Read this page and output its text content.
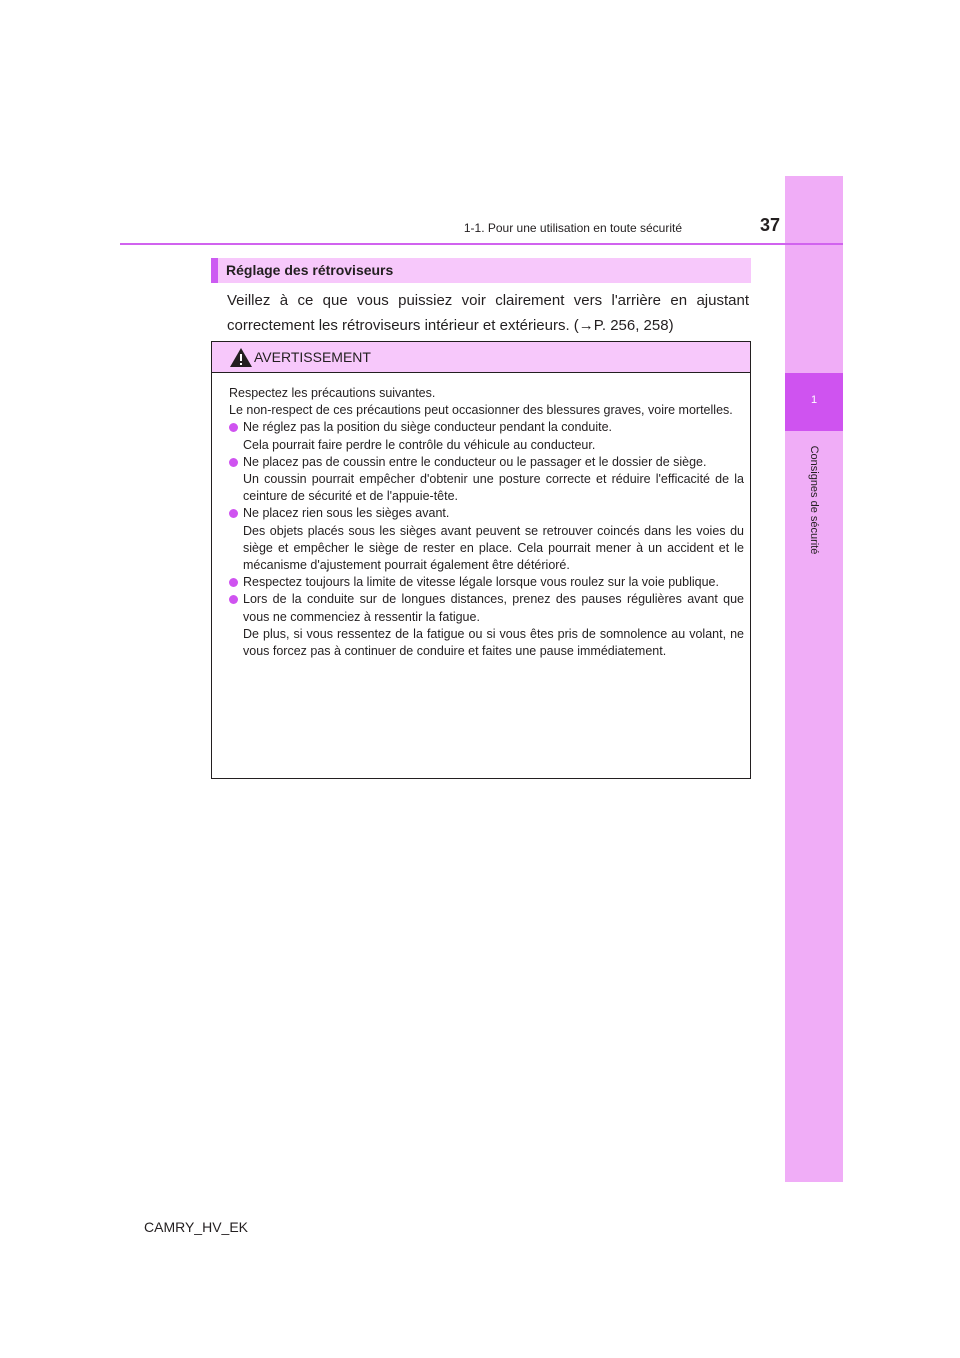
1
Consignes de sécurité
1-1. Pour une utilisation en toute sécurité	37
Réglage des rétroviseurs
Veillez à ce que vous puissiez voir clairement vers l'arrière en ajustant correctement les rétroviseurs intérieur et extérieurs. (→P. 256, 258)
AVERTISSEMENT

Respectez les précautions suivantes.
Le non-respect de ces précautions peut occasionner des blessures graves, voire mortelles.

Ne réglez pas la position du siège conducteur pendant la conduite.
Cela pourrait faire perdre le contrôle du véhicule au conducteur.

Ne placez pas de coussin entre le conducteur ou le passager et le dossier de siège.
Un coussin pourrait empêcher d'obtenir une posture correcte et réduire l'efficacité de la ceinture de sécurité et de l'appuie-tête.

Ne placez rien sous les sièges avant.
Des objets placés sous les sièges avant peuvent se retrouver coincés dans les voies du siège et empêcher le siège de rester en place. Cela pourrait mener à un accident et le mécanisme d'ajustement pourrait également être détérioré.

Respectez toujours la limite de vitesse légale lorsque vous roulez sur la voie publique.

Lors de la conduite sur de longues distances, prenez des pauses régulières avant que vous ne commenciez à ressentir la fatigue.
De plus, si vous ressentez de la fatigue ou si vous êtes pris de somnolence au volant, ne vous forcez pas à continuer de conduire et faites une pause immédiatement.

CAMRY_HV_EK
